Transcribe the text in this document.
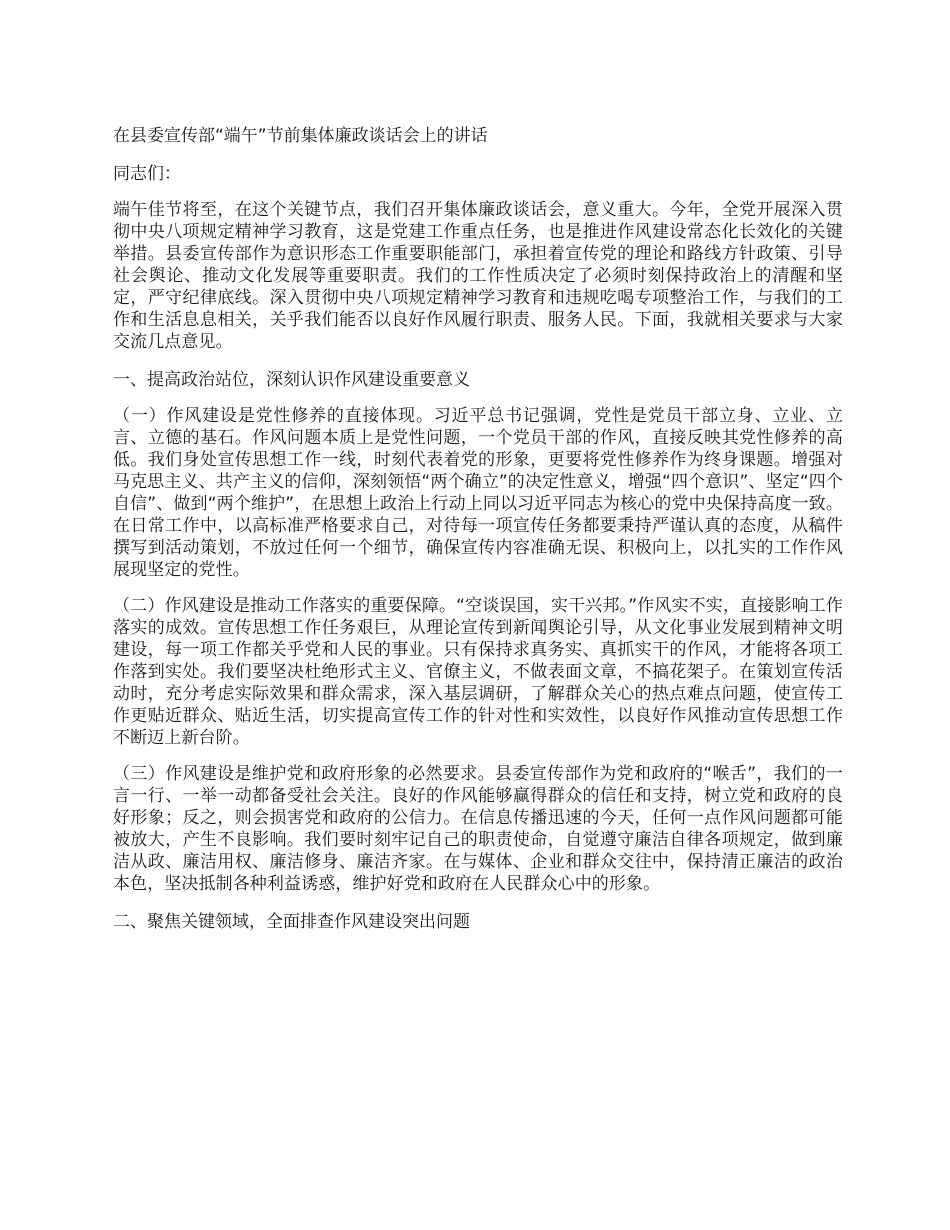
在县委宣传部“端午”节前集体廉政谈话会上的讲话
同志们：

端午佳节将至，在这个关键节点，我们召开集体廉政谈话会，意义重大。今年，全党开展深入贯彻中央八项规定精神学习教育，这是党建工作重点任务，也是推进作风建设常态化长效化的关键举措。县委宣传部作为意识形态工作重要职能部门，承担着宣传党的理论和路线方针政策、引导社会舆论、推动文化发展等重要职责。我们的工作性质决定了必须时刻保持政治上的清醒和坚定，严守纪律底线。深入贯彻中央八项规定精神学习教育和违规吃喝专项整治工作，与我们的工作和生活息息相关，关乎我们能否以良好作风履行职责、服务人民。下面，我就相关要求与大家交流几点意见。

一、提高政治站位，深刻认识作风建设重要意义

（一）作风建设是党性修养的直接体现。习近平总书记强调，党性是党员干部立身、立业、立言、立德的基石。作风问题本质上是党性问题，一个党员干部的作风，直接反映其党性修养的高低。我们身处宣传思想工作一线，时刻代表着党的形象，更要将党性修养作为终身课题。增强对马克思主义、共产主义的信仰，深刻领悟“两个确立”的决定性意义，增强“四个意识”、坚定“四个自信”、做到“两个维护”，在思想上政治上行动上同以习近平同志为核心的党中央保持高度一致。在日常工作中，以高标准严格要求自己，对待每一项宣传任务都要秉持严谨认真的态度，从稿件撰写到活动策划，不放过任何一个细节，确保宣传内容准确无误、积极向上，以扎实的工作作风展现坚定的党性。

（二）作风建设是推动工作落实的重要保障。“空谈误国，实干兴邦。”作风实不实，直接影响工作落实的成效。宣传思想工作任务艰巨，从理论宣传到新闻舆论引导，从文化事业发展到精神文明建设，每一项工作都关乎党和人民的事业。只有保持求真务实、真抓实干的作风，才能将各项工作落到实处。我们要坚决杜绝形式主义、官僚主义，不做表面文章，不搞花架子。在策划宣传活动时，充分考虑实际效果和群众需求，深入基层调研，了解群众关心的热点难点问题，使宣传工作更贴近群众、贴近生活，切实提高宣传工作的针对性和实效性，以良好作风推动宣传思想工作不断迈上新台阶。

（三）作风建设是维护党和政府形象的必然要求。县委宣传部作为党和政府的“喉舌”，我们的一言一行、一举一动都备受社会关注。良好的作风能够赢得群众的信任和支持，树立党和政府的良好形象；反之，则会损害党和政府的公信力。在信息传播迅速的今天，任何一点作风问题都可能被放大，产生不良影响。我们要时刻牢记自己的职责使命，自觉遵守廉洁自律各项规定，做到廉洁从政、廉洁用权、廉洁修身、廉洁齐家。在与媒体、企业和群众交往中，保持清正廉洁的政治本色，坚决抵制各种利益诱惑，维护好党和政府在人民群众心中的形象。

二、聚焦关键领域，全面排查作风建设突出问题
